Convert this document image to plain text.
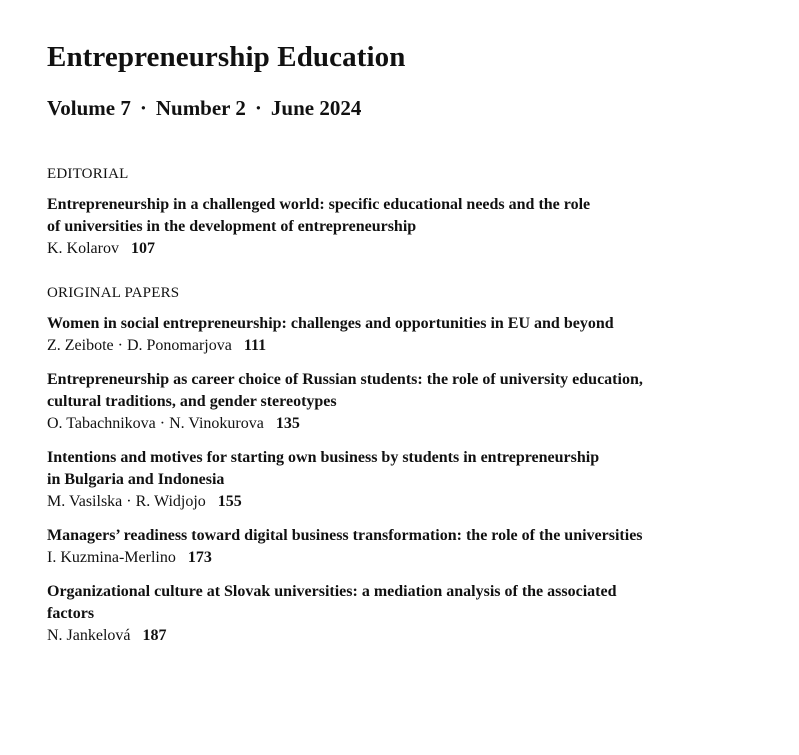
Entrepreneurship Education
Volume 7 · Number 2 · June 2024
EDITORIAL
Entrepreneurship in a challenged world: specific educational needs and the role
of universities in the development of entrepreneurship
K. Kolarov 107
ORIGINAL PAPERS
Women in social entrepreneurship: challenges and opportunities in EU and beyond
Z. Zeibote · D. Ponomarjova 111
Entrepreneurship as career choice of Russian students: the role of university education,
cultural traditions, and gender stereotypes
O. Tabachnikova · N. Vinokurova 135
Intentions and motives for starting own business by students in entrepreneurship
in Bulgaria and Indonesia
M. Vasilska · R. Widjojo 155
Managers’ readiness toward digital business transformation: the role of the universities
I. Kuzmina-Merlino 173
Organizational culture at Slovak universities: a mediation analysis of the associated
factors
N. Jankelová 187
